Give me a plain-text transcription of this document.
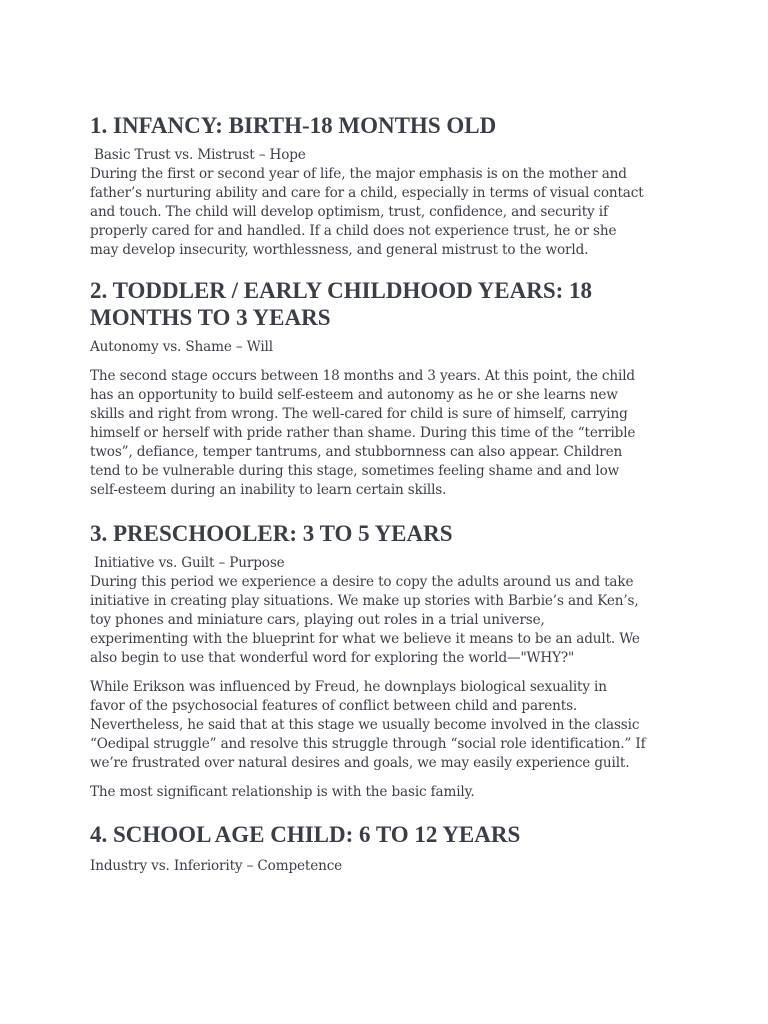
1. INFANCY: BIRTH-18 MONTHS OLD

Basic Trust vs. Mistrust – Hope

During the first or second year of life, the major emphasis is on the mother and
father’s nurturing ability and care for a child, especially in terms of visual contact
and touch. The child will develop optimism, trust, confidence, and security if
properly cared for and handled. If a child does not experience trust, he or she
may develop insecurity, worthlessness, and general mistrust to the world.

2. TODDLER / EARLY CHILDHOOD YEARS: 18
MONTHS TO 3 YEARS

Autonomy vs. Shame – Will

The second stage occurs between 18 months and 3 years. At this point, the child
has an opportunity to build self-esteem and autonomy as he or she learns new
skills and right from wrong. The well-cared for child is sure of himself, carrying
himself or herself with pride rather than shame. During this time of the “terrible
twos”, defiance, temper tantrums, and stubbornness can also appear. Children
tend to be vulnerable during this stage, sometimes feeling shame and and low
self-esteem during an inability to learn certain skills.

3. PRESCHOOLER: 3 TO 5 YEARS

Initiative vs. Guilt – Purpose

During this period we experience a desire to copy the adults around us and take
initiative in creating play situations. We make up stories with Barbie’s and Ken’s,
toy phones and miniature cars, playing out roles in a trial universe,
experimenting with the blueprint for what we believe it means to be an adult. We
also begin to use that wonderful word for exploring the world—"WHY?"

While Erikson was influenced by Freud, he downplays biological sexuality in
favor of the psychosocial features of conflict between child and parents.
Nevertheless, he said that at this stage we usually become involved in the classic
“Oedipal struggle” and resolve this struggle through “social role identification.” If
we’re frustrated over natural desires and goals, we may easily experience guilt.

The most significant relationship is with the basic family.

4. SCHOOL AGE CHILD: 6 TO 12 YEARS

Industry vs. Inferiority – Competence
